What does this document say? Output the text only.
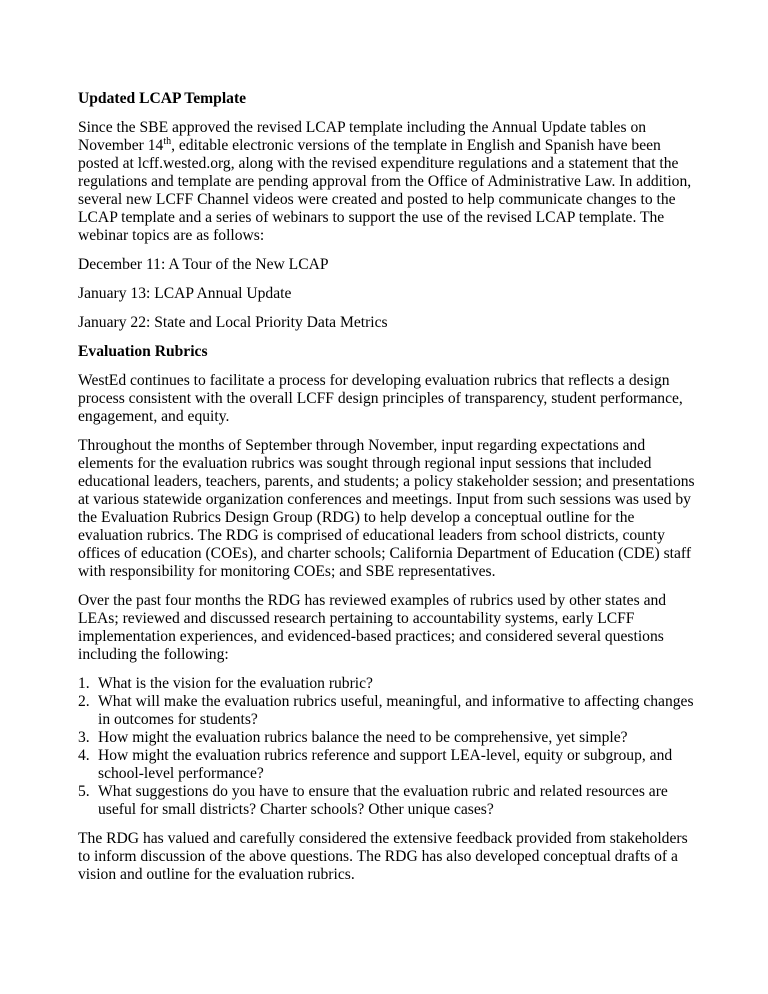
Updated LCAP Template

Since the SBE approved the revised LCAP template including the Annual Update tables on November 14th, editable electronic versions of the template in English and Spanish have been posted at lcff.wested.org, along with the revised expenditure regulations and a statement that the regulations and template are pending approval from the Office of Administrative Law. In addition, several new LCFF Channel videos were created and posted to help communicate changes to the LCAP template and a series of webinars to support the use of the revised LCAP template. The webinar topics are as follows:

December 11: A Tour of the New LCAP

January 13: LCAP Annual Update

January 22: State and Local Priority Data Metrics

Evaluation Rubrics

WestEd continues to facilitate a process for developing evaluation rubrics that reflects a design process consistent with the overall LCFF design principles of transparency, student performance, engagement, and equity.

Throughout the months of September through November, input regarding expectations and elements for the evaluation rubrics was sought through regional input sessions that included educational leaders, teachers, parents, and students; a policy stakeholder session; and presentations at various statewide organization conferences and meetings. Input from such sessions was used by the Evaluation Rubrics Design Group (RDG) to help develop a conceptual outline for the evaluation rubrics. The RDG is comprised of educational leaders from school districts, county offices of education (COEs), and charter schools; California Department of Education (CDE) staff with responsibility for monitoring COEs; and SBE representatives.

Over the past four months the RDG has reviewed examples of rubrics used by other states and LEAs; reviewed and discussed research pertaining to accountability systems, early LCFF implementation experiences, and evidenced-based practices; and considered several questions including the following:

1. What is the vision for the evaluation rubric?
2. What will make the evaluation rubrics useful, meaningful, and informative to affecting changes in outcomes for students?
3. How might the evaluation rubrics balance the need to be comprehensive, yet simple?
4. How might the evaluation rubrics reference and support LEA-level, equity or subgroup, and school-level performance?
5. What suggestions do you have to ensure that the evaluation rubric and related resources are useful for small districts? Charter schools? Other unique cases?

The RDG has valued and carefully considered the extensive feedback provided from stakeholders to inform discussion of the above questions. The RDG has also developed conceptual drafts of a vision and outline for the evaluation rubrics.
